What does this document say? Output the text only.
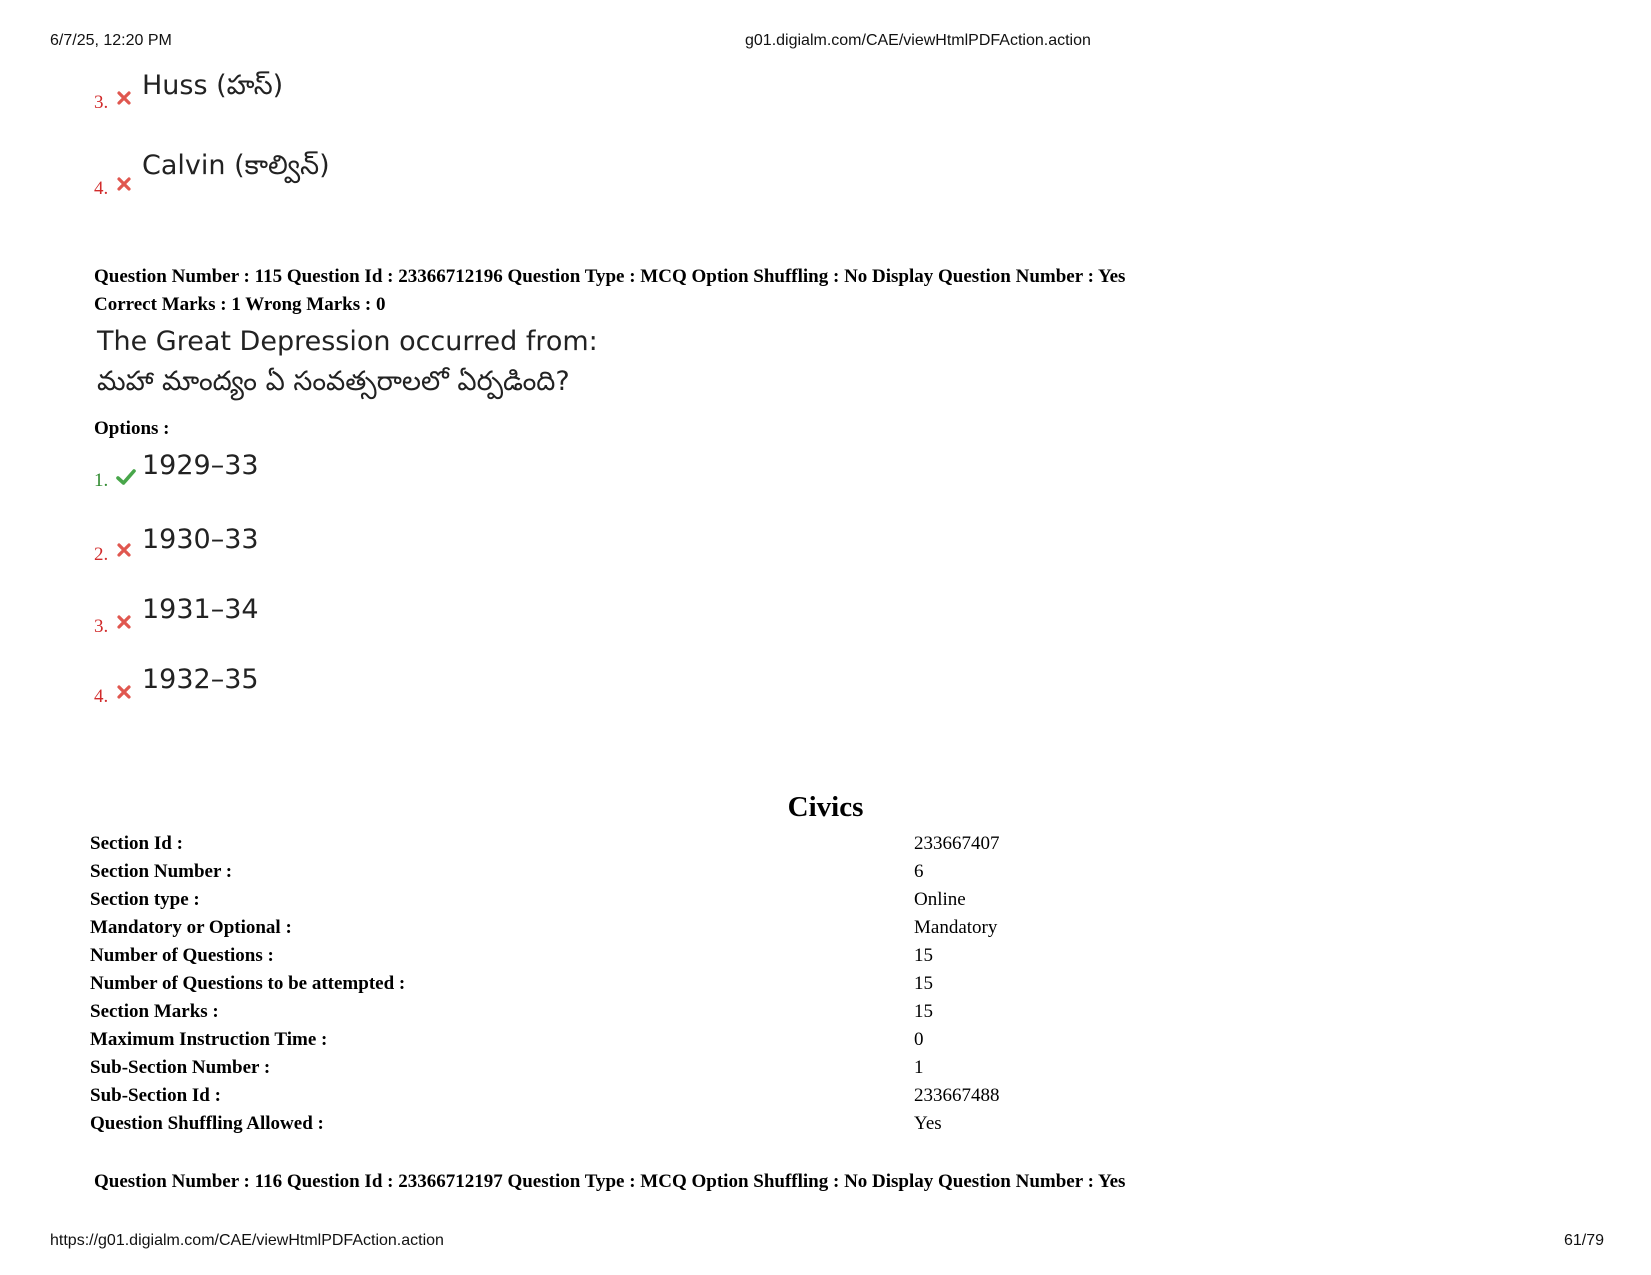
6/7/25, 12:20 PM	g01.digialm.com/CAE/viewHtmlPDFAction.action
3.
Huss (హస్)
4.
Calvin (కాల్విన్)
Question Number : 115 Question Id : 23366712196 Question Type : MCQ Option Shuffling : No Display Question Number : Yes
Correct Marks : 1 Wrong Marks : 0
The Great Depression occurred from:
మహా మాంద్యం ఏ సంవత్సరాలలో ఏర్పడింది?
Options :
1. 1929–33
2. 1930–33
3.
1931–34
4.
1932–35
Civics
Section Id :	233667407
Section Number :	6
Section type :	Online
Mandatory or Optional :	Mandatory
Number of Questions :	15
Number of Questions to be attempted :	15
Section Marks :	15
Maximum Instruction Time :	0
Sub-Section Number :	1
Sub-Section Id :	233667488
Question Shuffling Allowed :	Yes
Question Number : 116 Question Id : 23366712197 Question Type : MCQ Option Shuffling : No Display Question Number : Yes
https://g01.digialm.com/CAE/viewHtmlPDFAction.action	61/79
